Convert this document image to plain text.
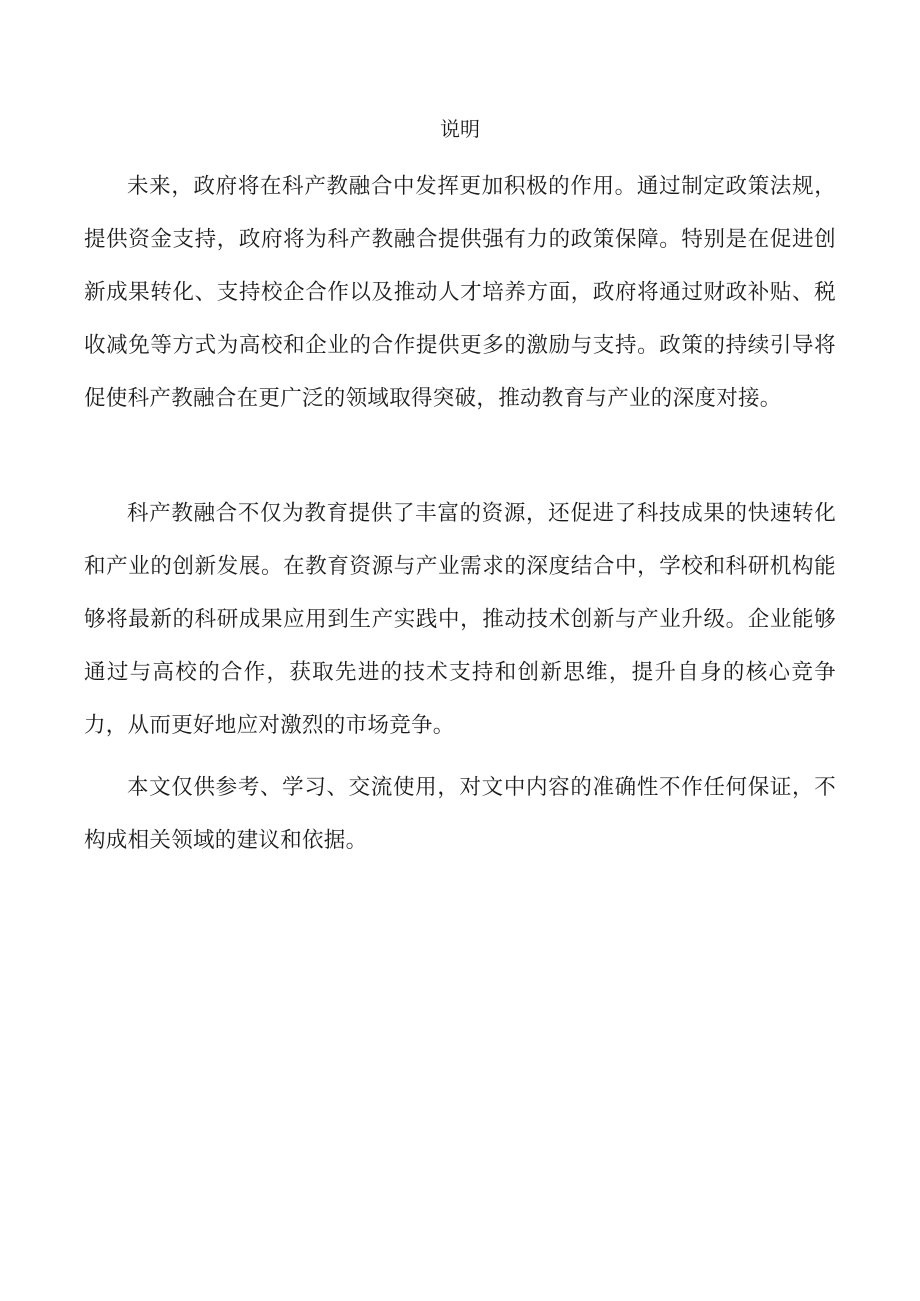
说明

未来，政府将在科产教融合中发挥更加积极的作用。通过制定政策法规，提供资金支持，政府将为科产教融合提供强有力的政策保障。特别是在促进创新成果转化、支持校企合作以及推动人才培养方面，政府将通过财政补贴、税收减免等方式为高校和企业的合作提供更多的激励与支持。政策的持续引导将促使科产教融合在更广泛的领域取得突破，推动教育与产业的深度对接。

科产教融合不仅为教育提供了丰富的资源，还促进了科技成果的快速转化和产业的创新发展。在教育资源与产业需求的深度结合中，学校和科研机构能够将最新的科研成果应用到生产实践中，推动技术创新与产业升级。企业能够通过与高校的合作，获取先进的技术支持和创新思维，提升自身的核心竞争力，从而更好地应对激烈的市场竞争。

本文仅供参考、学习、交流使用，对文中内容的准确性不作任何保证，不构成相关领域的建议和依据。
